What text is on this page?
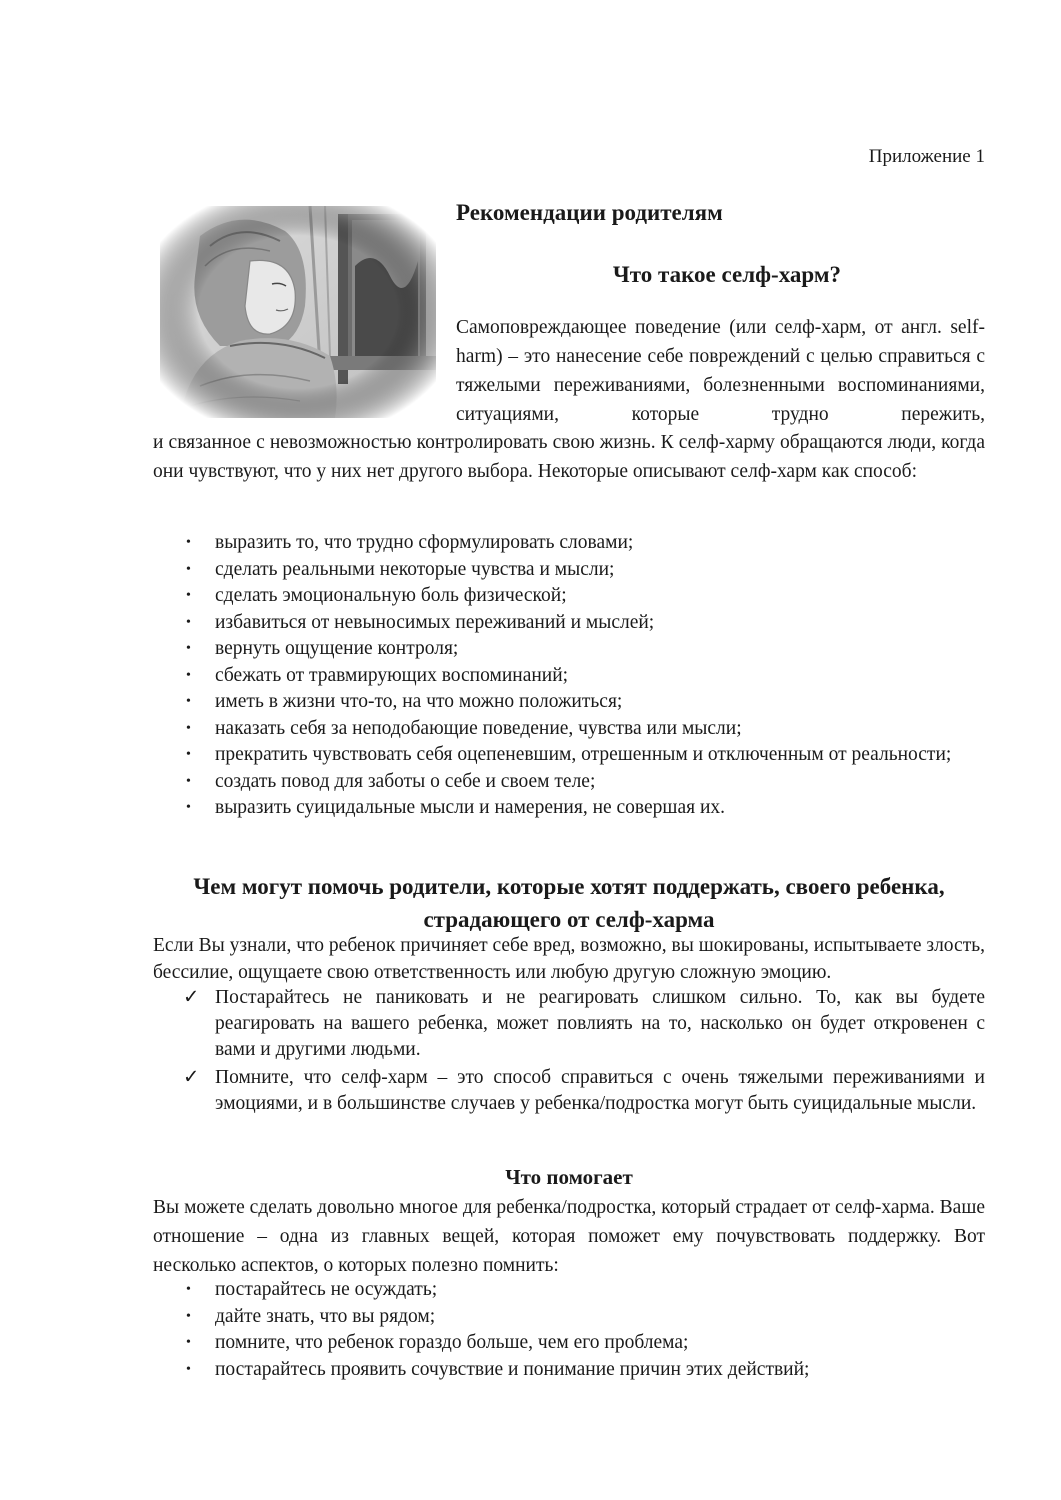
Приложение 1
Рекомендации родителям
Что такое селф-харм?

Самоповреждающее поведение (или селф-харм, от англ. self-harm) – это нанесение себе повреждений с целью справиться с тяжелыми переживаниями, болезненными воспоминаниями, ситуациями, которые трудно пережить,

и связанное с невозможностью контролировать свою жизнь. К селф-харму обращаются люди, когда они чувствуют, что у них нет другого выбора. Некоторые описывают селф-харм как способ:

• выразить то, что трудно сформулировать словами;
• сделать реальными некоторые чувства и мысли;
• сделать эмоциональную боль физической;
• избавиться от невыносимых переживаний и мыслей;
• вернуть ощущение контроля;
• сбежать от травмирующих воспоминаний;
• иметь в жизни что-то, на что можно положиться;
• наказать себя за неподобающие поведение, чувства или мысли;
• прекратить чувствовать себя оцепеневшим, отрешенным и отключенным от реальности;
• создать повод для заботы о себе и своем теле;
• выразить суицидальные мысли и намерения, не совершая их.
Чем могут помочь родители, которые хотят поддержать, своего ребенка, страдающего от селф-харма

Если Вы узнали, что ребенок причиняет себе вред, возможно, вы шокированы, испытываете злость, бессилие, ощущаете свою ответственность или любую другую сложную эмоцию.

✓ Постарайтесь не паниковать и не реагировать слишком сильно. То, как вы будете реагировать на вашего ребенка, может повлиять на то, насколько он будет откровенен с вами и другими людьми.
✓ Помните, что селф-харм – это способ справиться с очень тяжелыми переживаниями и эмоциями, и в большинстве случаев у ребенка/подростка могут быть суицидальные мысли.
Что помогает

Вы можете сделать довольно многое для ребенка/подростка, который страдает от селф-харма. Ваше отношение – одна из главных вещей, которая поможет ему почувствовать поддержку. Вот несколько аспектов, о которых полезно помнить:

• постарайтесь не осуждать;
• дайте знать, что вы рядом;
• помните, что ребенок гораздо больше, чем его проблема;
• постарайтесь проявить сочувствие и понимание причин этих действий;
